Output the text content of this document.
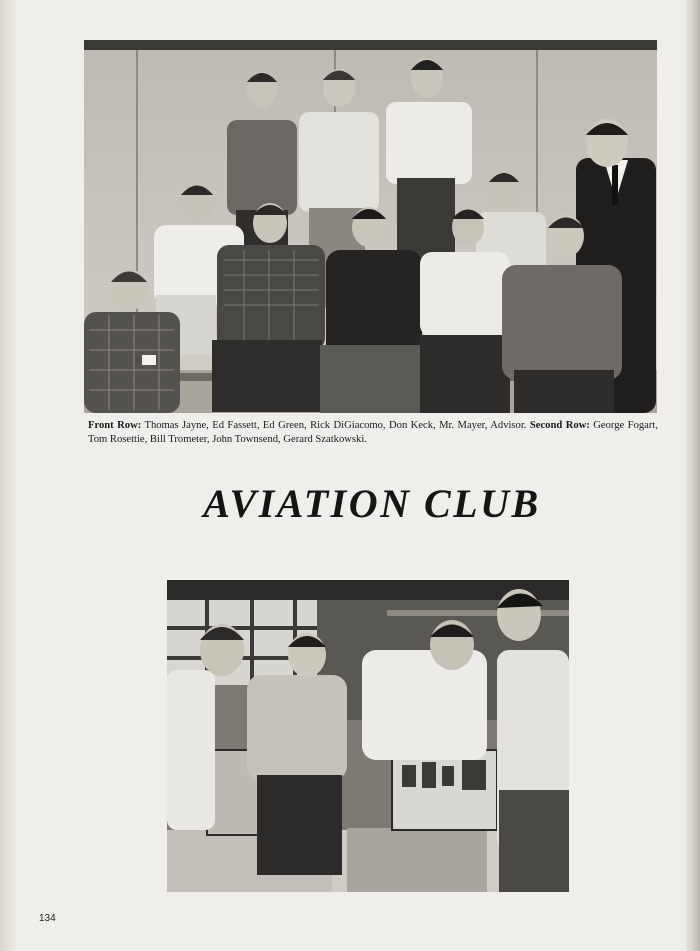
Front Row: Thomas Jayne, Ed Fassett, Ed Green, Rick DiGiacomo, Don Keck, Mr. Mayer, Advisor. Second Row: George Fogart, Tom Rosettie, Bill Trometer, John Townsend, Gerard Szatkowski.
AVIATION CLUB
134
